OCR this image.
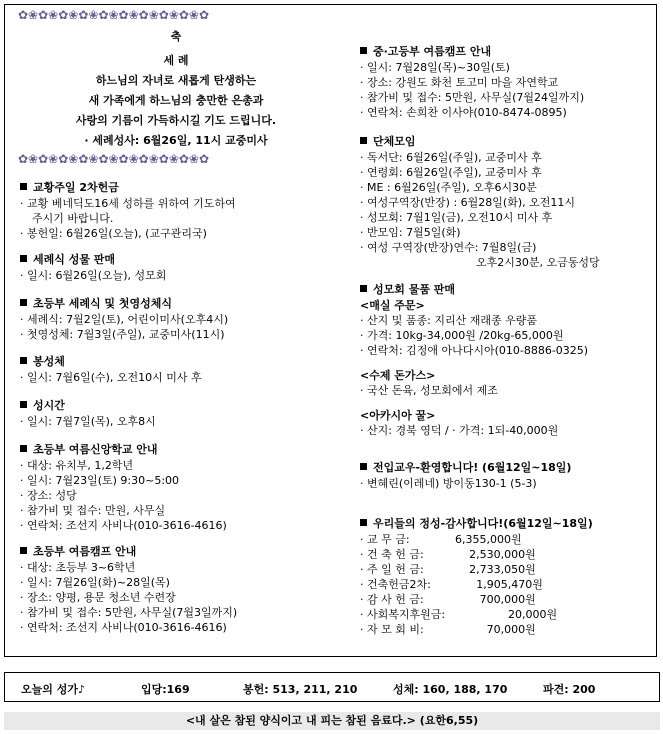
✿❀✿❀✿❀✿❀✿❀✿❀✿❀✿❀✿❀✿
축
세 례
하느님의 자녀로 새롭게 탄생하는
새 가족에게 하느님의 충만한 은총과
사랑의 기름이 가득하시길 기도 드립니다.
· 세례성사: 6월26일, 11시 교중미사
✿❀✿❀✿❀✿❀✿❀✿❀✿❀✿❀✿❀✿
교황주일 2차헌금
· 교황 베네딕도16세 성하를 위하여 기도하여
주시기 바랍니다.
· 봉헌일: 6월26일(오늘), (교구관리국)
세례식 성물 판매
· 일시: 6월26일(오늘), 성모회
초등부 세례식 및 첫영성체식
· 세례식: 7월2일(토), 어린이미사(오후4시)
· 첫영성체: 7월3일(주일), 교중미사(11시)
봉성체
· 일시: 7월6일(수), 오전10시 미사 후
성시간
· 일시: 7월7일(목), 오후8시
초등부 여름신앙학교 안내
· 대상: 유치부, 1,2학년
· 일시: 7월23일(토) 9:30~5:00
· 장소: 성당
· 참가비 및 접수: 만원, 사무실
· 연락처: 조선지 사비나(010-3616-4616)
초등부 여름캠프 안내
· 대상: 초등부 3~6학년
· 일시: 7월26일(화)~28일(목)
· 장소: 양평, 용문 청소년 수련장
· 참가비 및 접수: 5만원, 사무실(7월3일까지)
· 연락처: 조선지 사비나(010-3616-4616)
중·고등부 여름캠프 안내
· 일시: 7월28일(목)~30일(토)
· 장소: 강원도 화천 토고미 마을 자연학교
· 참가비 및 접수: 5만원, 사무실(7월24일까지)
· 연락처: 손희찬 이사야(010-8474-0895)
단체모임
· 독서단: 6월26일(주일), 교중미사 후
· 연령회: 6월26일(주일), 교중미사 후
· ME : 6월26일(주일), 오후6시30분
· 여성구역장(반장) : 6월28일(화), 오전11시
· 성모회: 7월1일(금), 오전10시 미사 후
· 반모임: 7월5일(화)
· 여성 구역장(반장)연수: 7월8일(금)
오후2시30분, 오금동성당
성모회 물품 판매
<매실 주문>
· 산지 및 품종: 지리산 재래종 우량품
· 가격: 10kg-34,000원 /20kg-65,000원
· 연락처: 김정애 아나다시아(010-8886-0325)
<수제 돈가스>
· 국산 돈육, 성모회에서 제조
<아카시아 꿀>
· 산지: 경북 영덕 / · 가격: 1되-40,000원
전입교우-환영합니다! (6월12일~18일)
· 변혜린(이레네) 방이동130-1 (5-3)
우리들의 정성-감사합니다!(6월12일~18일)
· 교 무 금:	6,355,000원
· 건 축 헌 금:	2,530,000원
· 주 일 헌 금:	2,733,050원
· 건축헌금2차:	1,905,470원
· 감 사 헌 금:	700,000원
· 사회복지후원금:	20,000원
· 자 모 회 비:	70,000원
오늘의 성가♪	입당:169	봉헌: 513, 211, 210	성체: 160, 188, 170	파견: 200
<내 살은 참된 양식이고 내 피는 참된 음료다.> (요한6,55)
